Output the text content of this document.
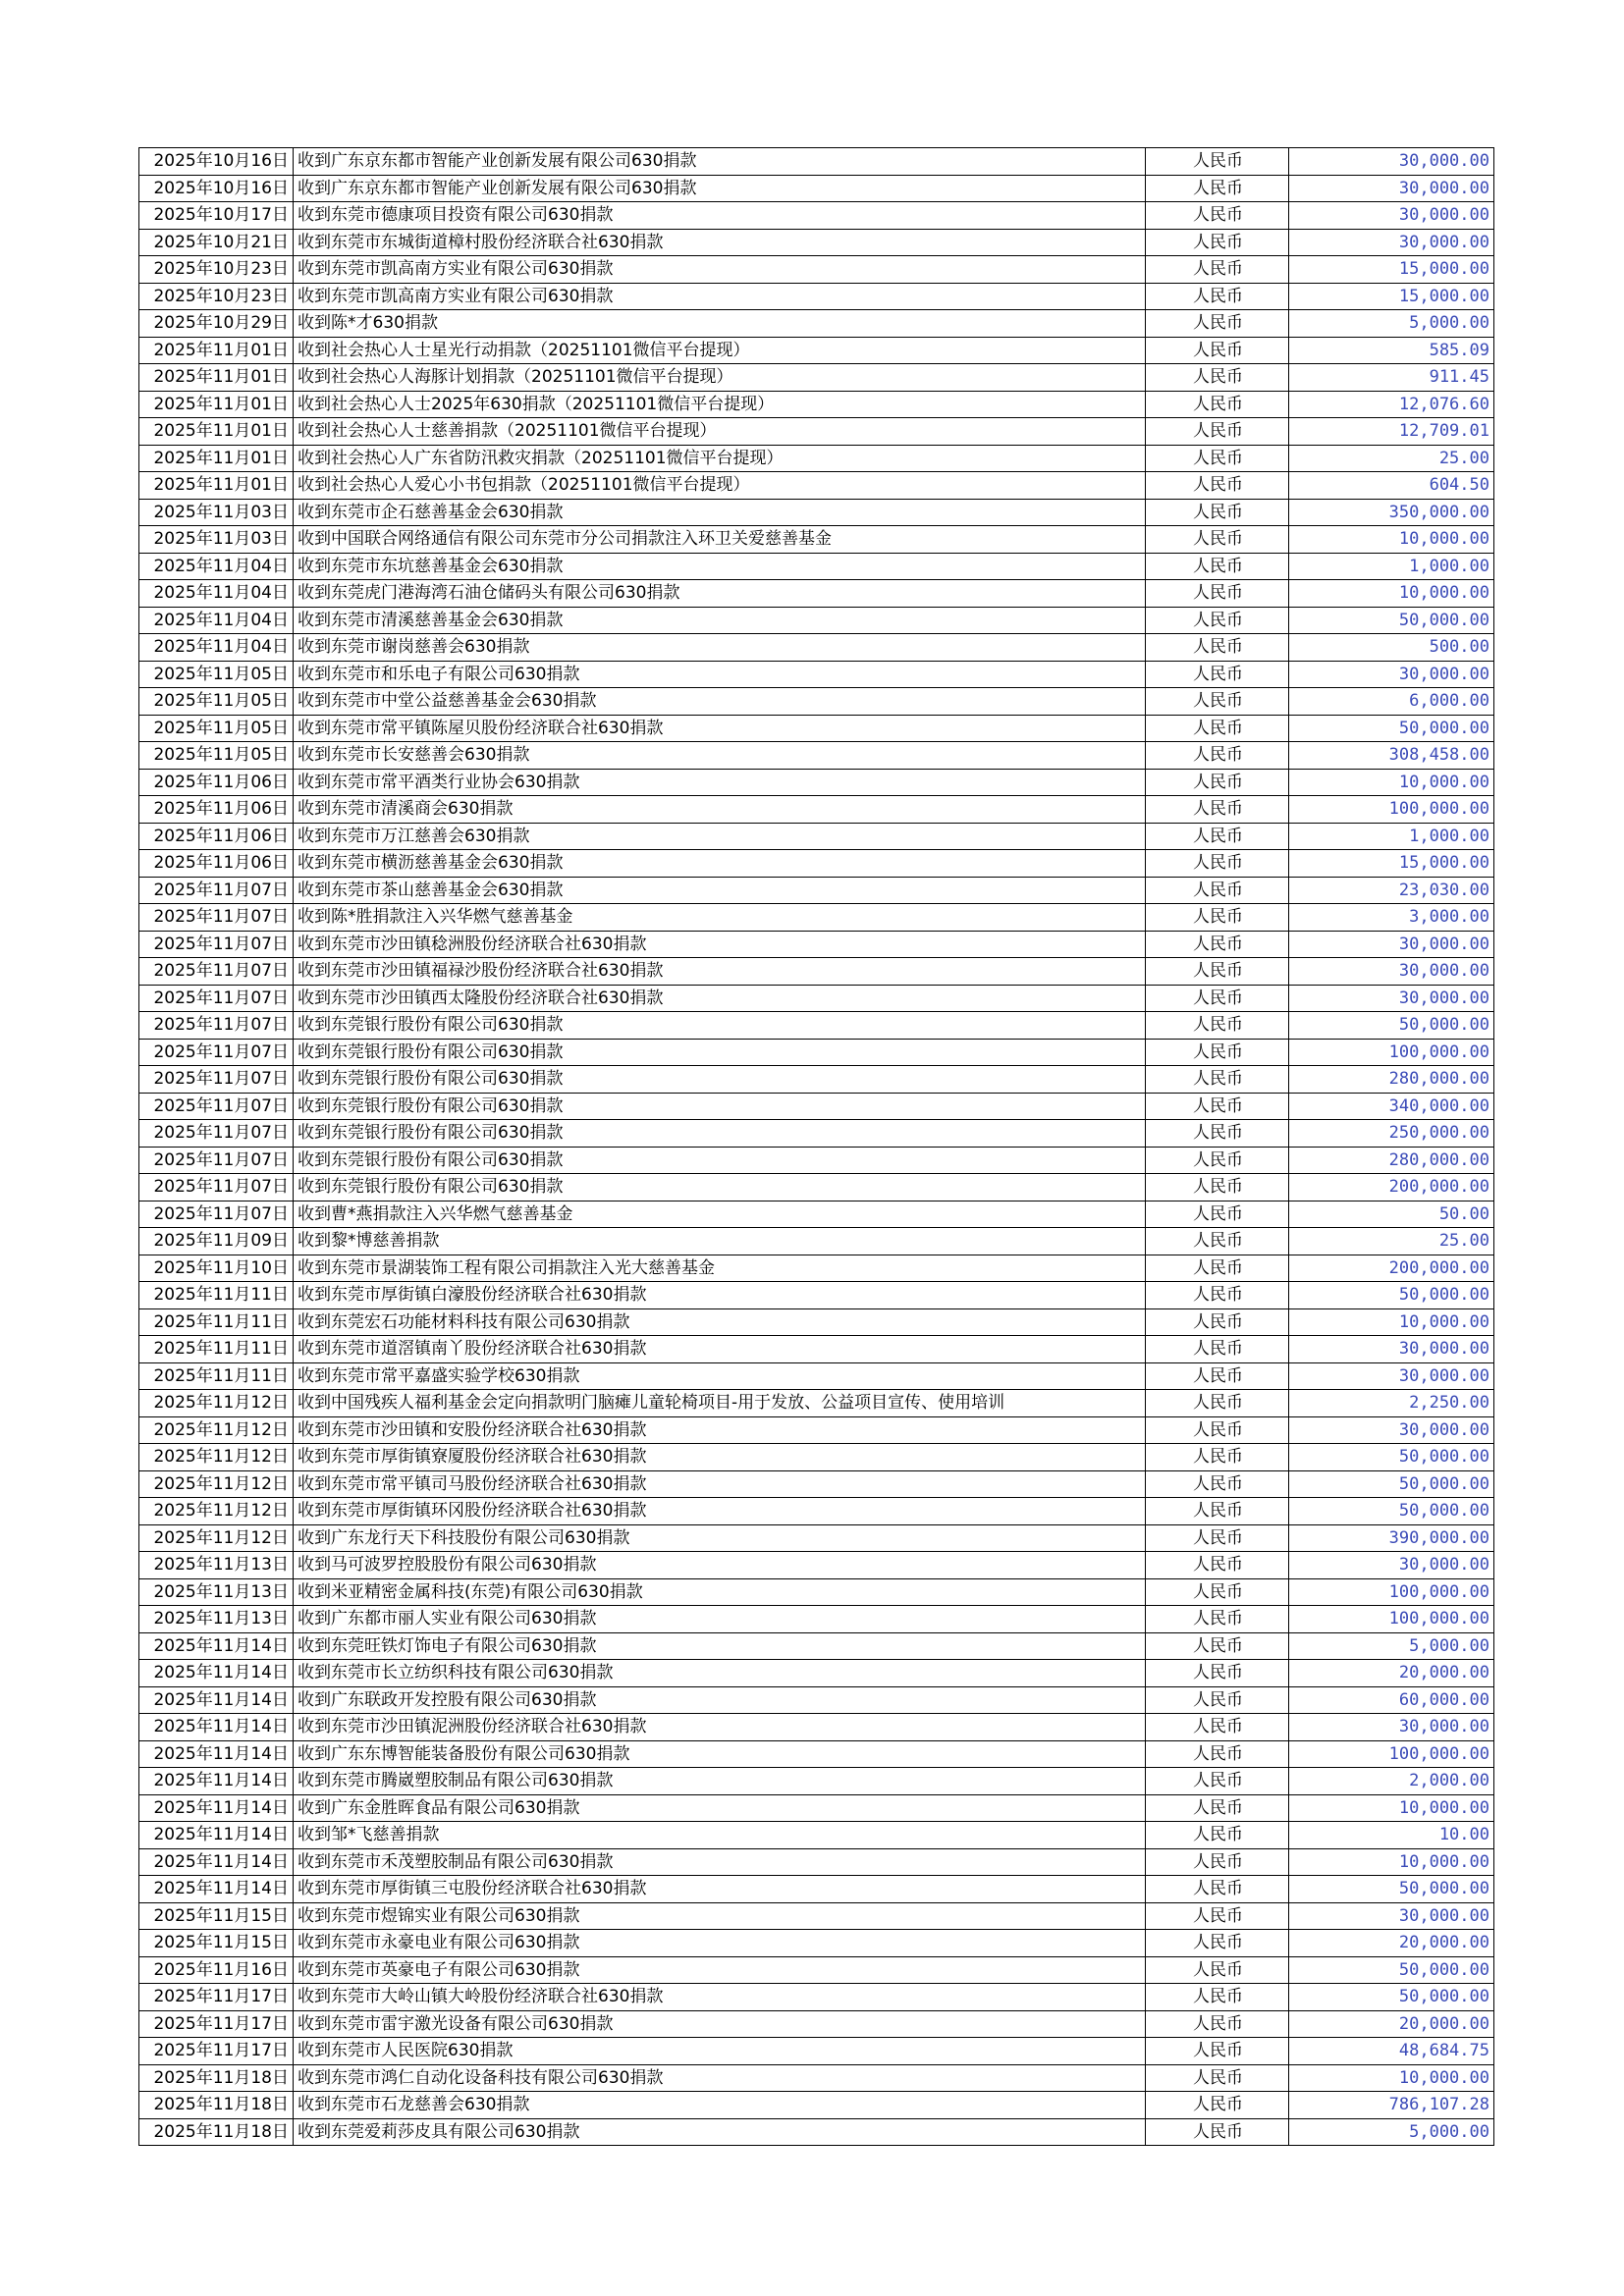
2025年10月16日	收到广东京东都市智能产业创新发展有限公司630捐款	人民币	30,000.00
2025年10月16日	收到广东京东都市智能产业创新发展有限公司630捐款	人民币	30,000.00
2025年10月17日	收到东莞市德康项目投资有限公司630捐款	人民币	30,000.00
2025年10月21日	收到东莞市东城街道樟村股份经济联合社630捐款	人民币	30,000.00
2025年10月23日	收到东莞市凯高南方实业有限公司630捐款	人民币	15,000.00
2025年10月23日	收到东莞市凯高南方实业有限公司630捐款	人民币	15,000.00
2025年10月29日	收到陈*才630捐款	人民币	5,000.00
2025年11月01日	收到社会热心人士星光行动捐款（20251101微信平台提现）	人民币	585.09
2025年11月01日	收到社会热心人海豚计划捐款（20251101微信平台提现）	人民币	911.45
2025年11月01日	收到社会热心人士2025年630捐款（20251101微信平台提现）	人民币	12,076.60
2025年11月01日	收到社会热心人士慈善捐款（20251101微信平台提现）	人民币	12,709.01
2025年11月01日	收到社会热心人广东省防汛救灾捐款（20251101微信平台提现）	人民币	25.00
2025年11月01日	收到社会热心人爱心小书包捐款（20251101微信平台提现）	人民币	604.50
2025年11月03日	收到东莞市企石慈善基金会630捐款	人民币	350,000.00
2025年11月03日	收到中国联合网络通信有限公司东莞市分公司捐款注入环卫关爱慈善基金	人民币	10,000.00
2025年11月04日	收到东莞市东坑慈善基金会630捐款	人民币	1,000.00
2025年11月04日	收到东莞虎门港海湾石油仓储码头有限公司630捐款	人民币	10,000.00
2025年11月04日	收到东莞市清溪慈善基金会630捐款	人民币	50,000.00
2025年11月04日	收到东莞市谢岗慈善会630捐款	人民币	500.00
2025年11月05日	收到东莞市和乐电子有限公司630捐款	人民币	30,000.00
2025年11月05日	收到东莞市中堂公益慈善基金会630捐款	人民币	6,000.00
2025年11月05日	收到东莞市常平镇陈屋贝股份经济联合社630捐款	人民币	50,000.00
2025年11月05日	收到东莞市长安慈善会630捐款	人民币	308,458.00
2025年11月06日	收到东莞市常平酒类行业协会630捐款	人民币	10,000.00
2025年11月06日	收到东莞市清溪商会630捐款	人民币	100,000.00
2025年11月06日	收到东莞市万江慈善会630捐款	人民币	1,000.00
2025年11月06日	收到东莞市横沥慈善基金会630捐款	人民币	15,000.00
2025年11月07日	收到东莞市茶山慈善基金会630捐款	人民币	23,030.00
2025年11月07日	收到陈*胜捐款注入兴华燃气慈善基金	人民币	3,000.00
2025年11月07日	收到东莞市沙田镇稔洲股份经济联合社630捐款	人民币	30,000.00
2025年11月07日	收到东莞市沙田镇福禄沙股份经济联合社630捐款	人民币	30,000.00
2025年11月07日	收到东莞市沙田镇西太隆股份经济联合社630捐款	人民币	30,000.00
2025年11月07日	收到东莞银行股份有限公司630捐款	人民币	50,000.00
2025年11月07日	收到东莞银行股份有限公司630捐款	人民币	100,000.00
2025年11月07日	收到东莞银行股份有限公司630捐款	人民币	280,000.00
2025年11月07日	收到东莞银行股份有限公司630捐款	人民币	340,000.00
2025年11月07日	收到东莞银行股份有限公司630捐款	人民币	250,000.00
2025年11月07日	收到东莞银行股份有限公司630捐款	人民币	280,000.00
2025年11月07日	收到东莞银行股份有限公司630捐款	人民币	200,000.00
2025年11月07日	收到曹*燕捐款注入兴华燃气慈善基金	人民币	50.00
2025年11月09日	收到黎*博慈善捐款	人民币	25.00
2025年11月10日	收到东莞市景湖装饰工程有限公司捐款注入光大慈善基金	人民币	200,000.00
2025年11月11日	收到东莞市厚街镇白濠股份经济联合社630捐款	人民币	50,000.00
2025年11月11日	收到东莞宏石功能材料科技有限公司630捐款	人民币	10,000.00
2025年11月11日	收到东莞市道滘镇南丫股份经济联合社630捐款	人民币	30,000.00
2025年11月11日	收到东莞市常平嘉盛实验学校630捐款	人民币	30,000.00
2025年11月12日	收到中国残疾人福利基金会定向捐款明门脑瘫儿童轮椅项目-用于发放、公益项目宣传、使用培训	人民币	2,250.00
2025年11月12日	收到东莞市沙田镇和安股份经济联合社630捐款	人民币	30,000.00
2025年11月12日	收到东莞市厚街镇寮厦股份经济联合社630捐款	人民币	50,000.00
2025年11月12日	收到东莞市常平镇司马股份经济联合社630捐款	人民币	50,000.00
2025年11月12日	收到东莞市厚街镇环冈股份经济联合社630捐款	人民币	50,000.00
2025年11月12日	收到广东龙行天下科技股份有限公司630捐款	人民币	390,000.00
2025年11月13日	收到马可波罗控股股份有限公司630捐款	人民币	30,000.00
2025年11月13日	收到米亚精密金属科技(东莞)有限公司630捐款	人民币	100,000.00
2025年11月13日	收到广东都市丽人实业有限公司630捐款	人民币	100,000.00
2025年11月14日	收到东莞旺铁灯饰电子有限公司630捐款	人民币	5,000.00
2025年11月14日	收到东莞市长立纺织科技有限公司630捐款	人民币	20,000.00
2025年11月14日	收到广东联政开发控股有限公司630捐款	人民币	60,000.00
2025年11月14日	收到东莞市沙田镇泥洲股份经济联合社630捐款	人民币	30,000.00
2025年11月14日	收到广东东博智能装备股份有限公司630捐款	人民币	100,000.00
2025年11月14日	收到东莞市腾崴塑胶制品有限公司630捐款	人民币	2,000.00
2025年11月14日	收到广东金胜晖食品有限公司630捐款	人民币	10,000.00
2025年11月14日	收到邹*飞慈善捐款	人民币	10.00
2025年11月14日	收到东莞市禾茂塑胶制品有限公司630捐款	人民币	10,000.00
2025年11月14日	收到东莞市厚街镇三屯股份经济联合社630捐款	人民币	50,000.00
2025年11月15日	收到东莞市煜锦实业有限公司630捐款	人民币	30,000.00
2025年11月15日	收到东莞市永豪电业有限公司630捐款	人民币	20,000.00
2025年11月16日	收到东莞市英豪电子有限公司630捐款	人民币	50,000.00
2025年11月17日	收到东莞市大岭山镇大岭股份经济联合社630捐款	人民币	50,000.00
2025年11月17日	收到东莞市雷宇激光设备有限公司630捐款	人民币	20,000.00
2025年11月17日	收到东莞市人民医院630捐款	人民币	48,684.75
2025年11月18日	收到东莞市鸿仁自动化设备科技有限公司630捐款	人民币	10,000.00
2025年11月18日	收到东莞市石龙慈善会630捐款	人民币	786,107.28
2025年11月18日	收到东莞爱莉莎皮具有限公司630捐款	人民币	5,000.00
